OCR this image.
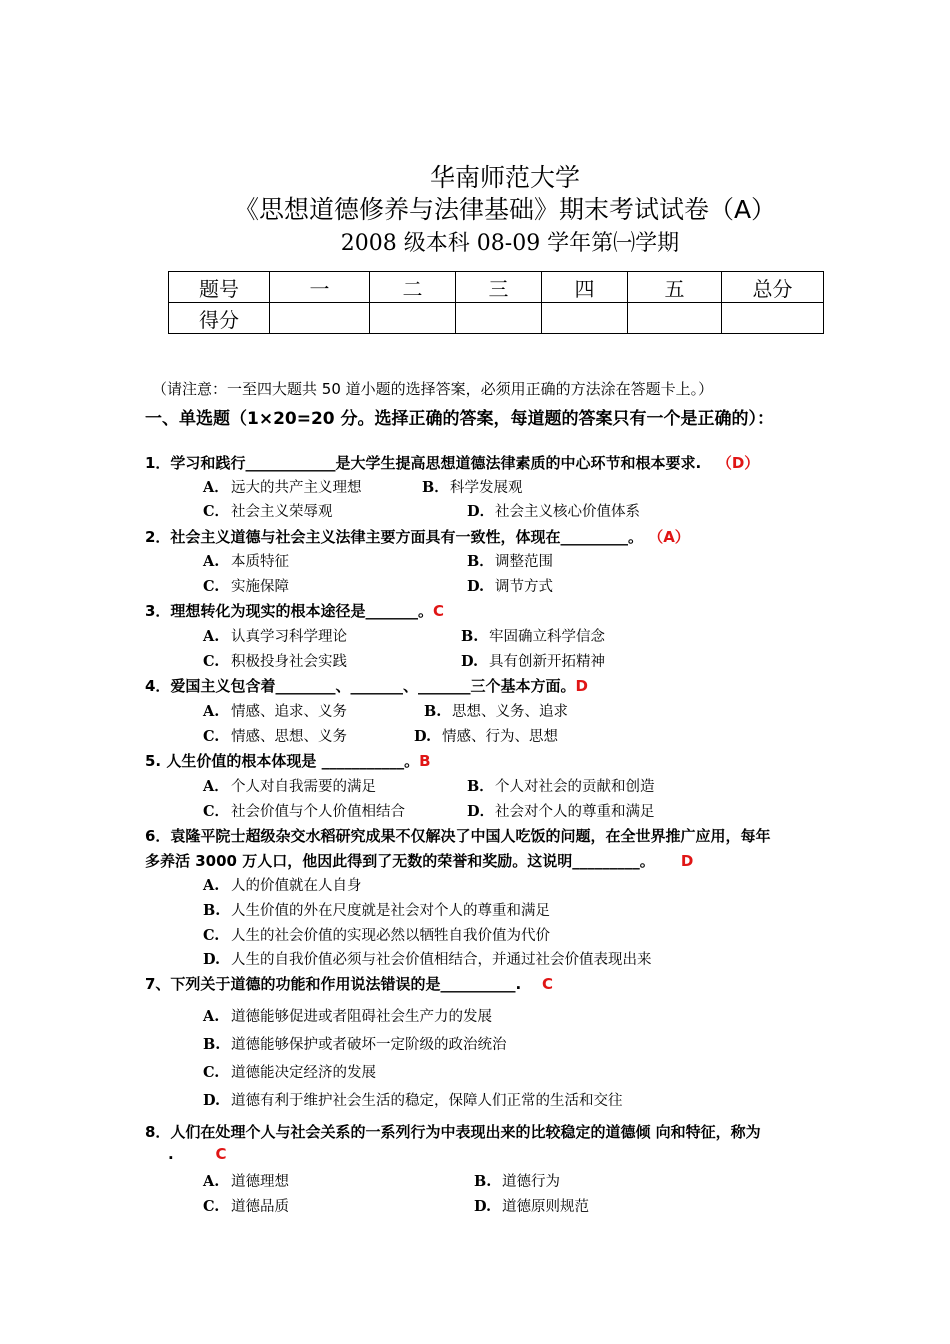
华南师范大学
《思想道德修养与法律基础》期末考试试卷（A）
2008 级本科 08-09 学年第㈠学期
题号	一	二	三	四	五	总分
得分						
（请注意：一至四大题共 50 道小题的选择答案，必须用正确的方法涂在答题卡上。）
一、单选题（1×20=20 分。选择正确的答案，每道题的答案只有一个是正确的）：
1．学习和践行____________是大学生提高思想道德法律素质的中心环节和根本要求. （D）
A． 远大的共产主义理想	B．科学发展观
C． 社会主义荣辱观	D．社会主义核心价值体系
2．社会主义道德与社会主义法律主要方面具有一致性，体现在_________。 （A）
A. 本质特征	B．调整范围
C. 实施保障	D. 调节方式
3．理想转化为现实的根本途径是_______。C
A. 认真学习科学理论	B. 牢固确立科学信念
C. 积极投身社会实践	D. 具有创新开拓精神
4．爱国主义包含着________、_______、_______三个基本方面。D
A. 情感、追求、义务	B. 思想、义务、追求
C. 情感、思想、义务	D. 情感、行为、思想
5. 人生价值的根本体现是 ___________。B
A． 个人对自我需要的满足	B．个人对社会的贡献和创造
C． 社会价值与个人价值相结合	D．社会对个人的尊重和满足
6．袁隆平院士超级杂交水稻研究成果不仅解决了中国人吃饭的问题，在全世界推广应用，每年
多养活 3000 万人口，他因此得到了无数的荣誉和奖励。这说明_________。 D
A. 人的价值就在人自身
B. 人生价值的外在尺度就是社会对个人的尊重和满足
C. 人生的社会价值的实现必然以牺牲自我价值为代价
D. 人生的自我价值必须与社会价值相结合，并通过社会价值表现出来
7、下列关于道德的功能和作用说法错误的是__________. C
A. 道德能够促进或者阻碍社会生产力的发展
B. 道德能够保护或者破坏一定阶级的政治统治
C. 道德能决定经济的发展
D. 道德有利于维护社会生活的稳定，保障人们正常的生活和交往
8．人们在处理个人与社会关系的一系列行为中表现出来的比较稳定的道德倾 向和特征，称为
.	C
A. 道德理想	B. 道德行为
C. 道德品质	D. 道德原则规范
